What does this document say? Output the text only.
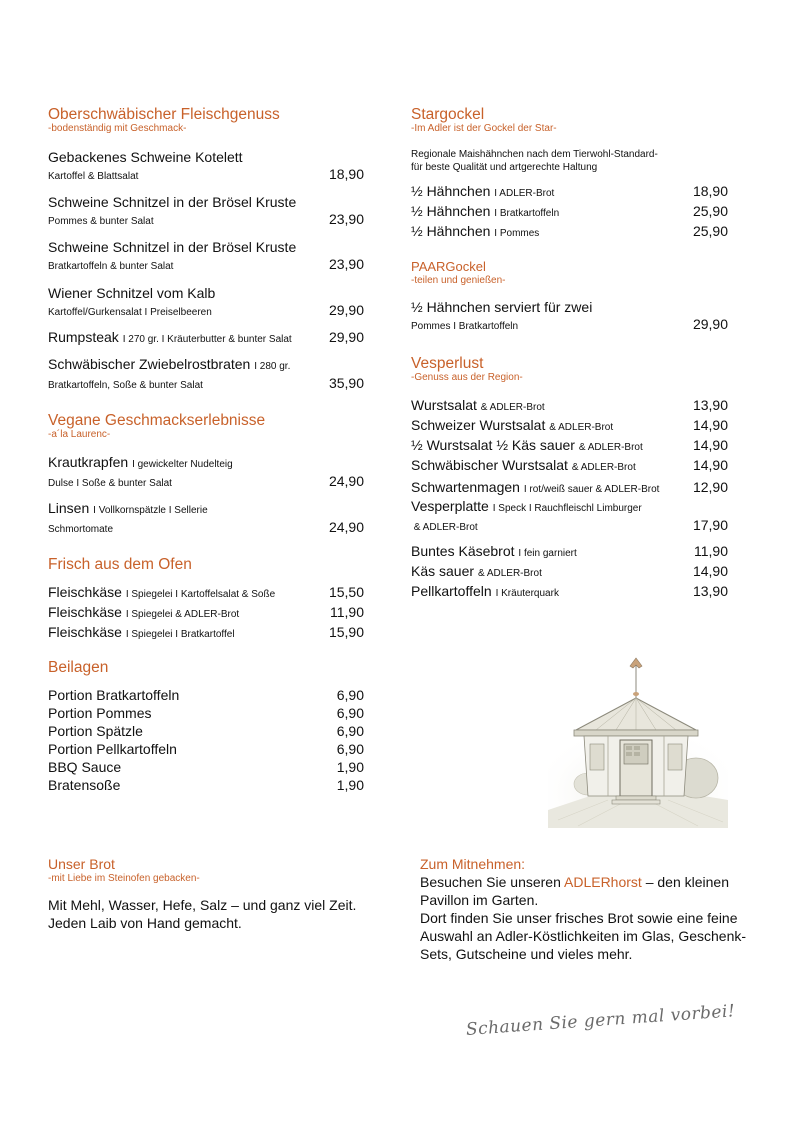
Oberschwäbischer Fleischgenuss
-bodenständig mit Geschmack-
Gebackenes Schweine Kotelett
Kartoffel & Blattsalat	18,90
Schweine Schnitzel in der Brösel Kruste
Pommes & bunter Salat	23,90
Schweine Schnitzel in der Brösel Kruste
Bratkartoffeln & bunter Salat	23,90
Wiener Schnitzel vom Kalb
Kartoffel/Gurkensalat I Preiselbeeren	29,90
Rumpsteak I 270 gr. I Kräuterbutter & bunter Salat	29,90
Schwäbischer Zwiebelrostbraten I 280 gr.
Bratkartoffeln, Soße & bunter Salat	35,90
Vegane Geschmackserlebnisse
-a´la Laurenc-
Krautkrapfen I gewickelter Nudelteig
Dulse I Soße & bunter Salat	24,90
Linsen I Vollkornspätzle I Sellerie
Schmortomate	24,90
Frisch aus dem Ofen
Fleischkäse I Spiegelei I Kartoffelsalat & Soße	15,50
Fleischkäse I Spiegelei & ADLER-Brot	11,90
Fleischkäse I Spiegelei I Bratkartoffel	15,90
Beilagen
Portion Bratkartoffeln	6,90
Portion Pommes	6,90
Portion Spätzle	6,90
Portion Pellkartoffeln	6,90
BBQ Sauce	1,90
Bratensoße	1,90
Unser Brot
-mit Liebe im Steinofen gebacken-
Mit Mehl, Wasser, Hefe, Salz – und ganz viel Zeit.
Jeden Laib von Hand gemacht.
Stargockel
-Im Adler ist der Gockel der Star-
Regionale Maishähnchen nach dem Tierwohl-Standard-
für beste Qualität und artgerechte Haltung
½ Hähnchen I ADLER-Brot	18,90
½ Hähnchen I Bratkartoffeln	25,90
½ Hähnchen I Pommes	25,90
PAARGockel
-teilen und genießen-
½ Hähnchen serviert für zwei
Pommes I Bratkartoffeln	29,90
Vesperlust
-Genuss aus der Region-
Wurstsalat & ADLER-Brot	13,90
Schweizer Wurstsalat & ADLER-Brot	14,90
½ Wurstsalat ½ Käs sauer & ADLER-Brot	14,90
Schwäbischer Wurstsalat & ADLER-Brot	14,90
Schwartenmagen I rot/weiß sauer & ADLER-Brot 12,90
Vesperplatte I Speck I Rauchfleischl Limburger
& ADLER-Brot	17,90
Buntes Käsebrot I fein garniert	11,90
Käs sauer & ADLER-Brot	14,90
Pellkartoffeln I Kräuterquark	13,90
Zum Mitnehmen:
Besuchen Sie unseren ADLERhorst – den kleinen
Pavillon im Garten.
Dort finden Sie unser frisches Brot sowie eine feine
Auswahl an Adler-Köstlichkeiten im Glas, Geschenk-
Sets, Gutscheine und vieles mehr.
Schauen Sie gern mal vorbei!
